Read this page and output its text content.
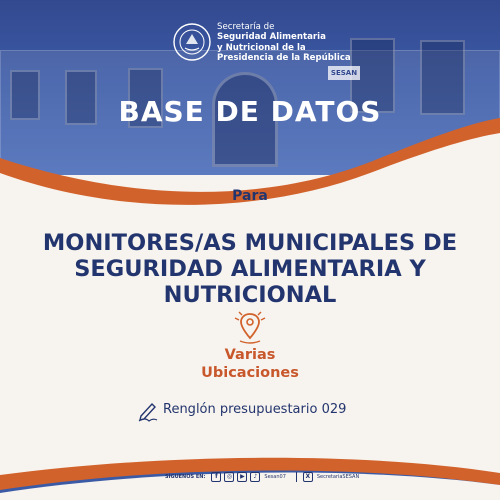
SESAN
Secretaría de
Seguridad Alimentaria
y Nutricional de la
Presidencia de la República
BASE DE DATOS
Para
MONITORES/AS MUNICIPALES DE
SEGURIDAD ALIMENTARIA Y
NUTRICIONAL
Varias
Ubicaciones
Renglón presupuestario 029
SÍGUENOS EN:	f	◎	▶	♪	Sesan07	X	SecretariaSESAN
